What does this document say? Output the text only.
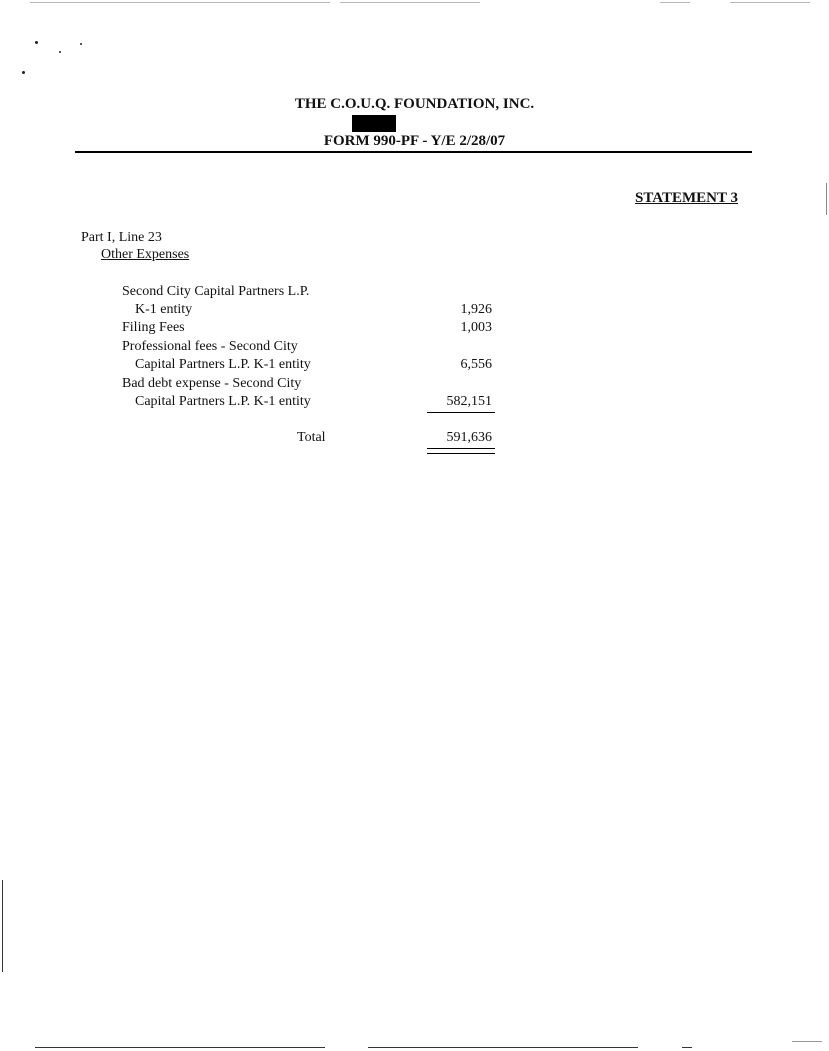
THE C.O.U.Q. FOUNDATION, INC.
FORM 990-PF - Y/E 2/28/07
STATEMENT 3
Part I, Line 23
Other Expenses
Second City Capital Partners L.P.
K-1 entity	1,926
Filing Fees	1,003
Professional fees - Second City
Capital Partners L.P. K-1 entity	6,556
Bad debt expense - Second City
Capital Partners L.P. K-1 entity	582,151
Total	591,636
